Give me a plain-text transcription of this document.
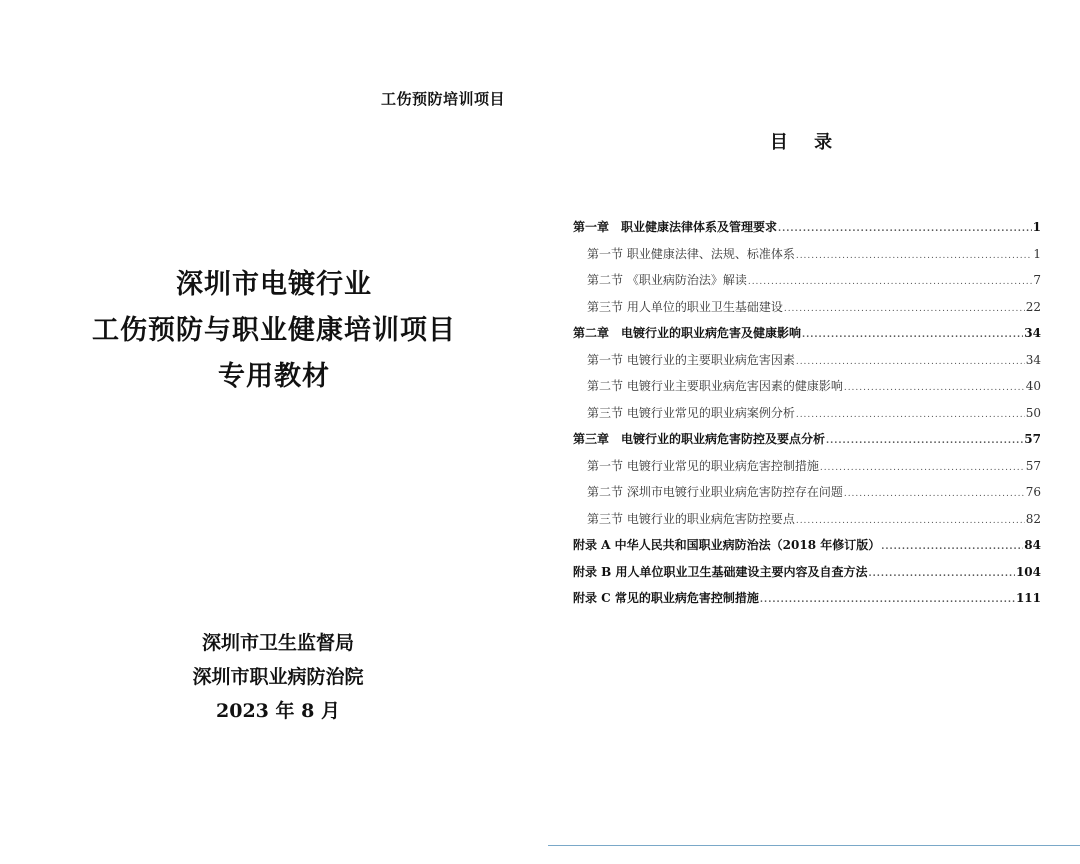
工伤预防培训项目
深圳市电镀行业
工伤预防与职业健康培训项目
专用教材
深圳市卫生监督局
深圳市职业病防治院
2023 年 8 月
目 录
第一章　职业健康法律体系及管理要求 .....	1
第一节 职业健康法律、法规、标准体系 .....	1
第二节 《职业病防治法》解读 .....	7
第三节 用人单位的职业卫生基础建设 .....	22
第二章　电镀行业的职业病危害及健康影响 .....	34
第一节 电镀行业的主要职业病危害因素 .....	34
第二节 电镀行业主要职业病危害因素的健康影响 .....	40
第三节 电镀行业常见的职业病案例分析 .....	50
第三章　电镀行业的职业病危害防控及要点分析 .....	57
第一节 电镀行业常见的职业病危害控制措施 .....	57
第二节 深圳市电镀行业职业病危害防控存在问题 .....	76
第三节 电镀行业的职业病危害防控要点 .....	82
附录 A 中华人民共和国职业病防治法（2018 年修订版） .....	84
附录 B 用人单位职业卫生基础建设主要内容及自查方法 .....	104
附录 C 常见的职业病危害控制措施 .....	111
